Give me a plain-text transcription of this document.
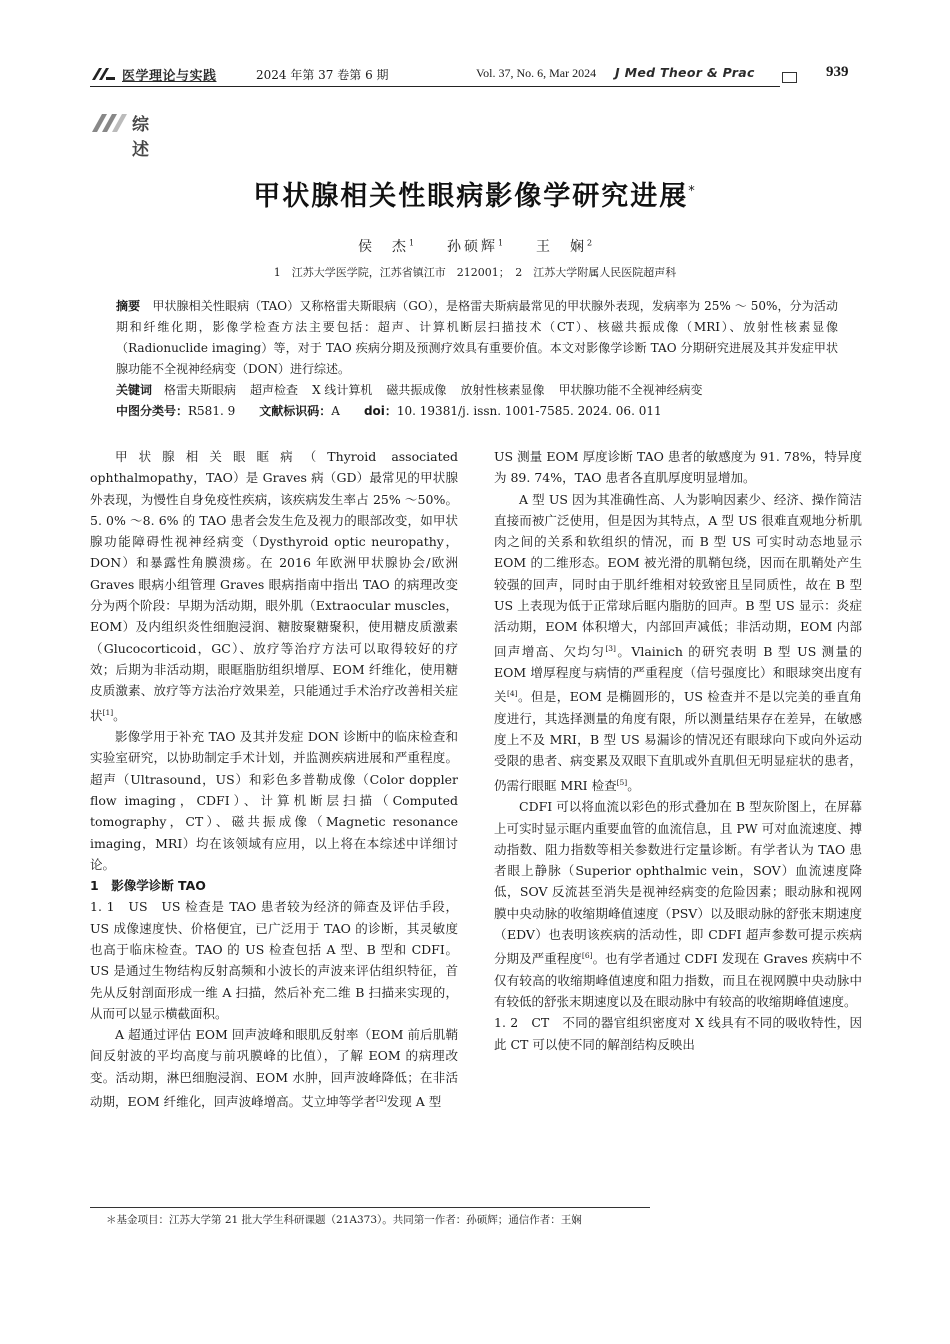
医学理论与实践	2024 年第 37 卷第 6 期	Vol. 37, No. 6, Mar 2024 J Med Theor & Prac	939
综述
甲状腺相关性眼病影像学研究进展*
侯　杰$^1$ 孙硕辉$^1$ 王　娴$^2$
1　江苏大学医学院，江苏省镇江市　212001；　2　江苏大学附属人民医院超声科

摘要　 甲状腺相关性眼病（TAO）又称格雷夫斯眼病（GO），是格雷夫斯病最常见的甲状腺外表现，发病率为 25% ～ 50%，分为活动期和纤维化期，影像学检查方法主要包括：超声、计算机断层扫描技术（CT）、核磁共振成像（MRI）、放射性核素显像（Radionuclide imaging）等，对于 TAO 疾病分期及预测疗效具有重要价值。本文对影像学诊断 TAO 分期研究进展及其并发症甲状腺功能不全视神经病变（DON）进行综述。

关键词　 格雷夫斯眼病 超声检查 X 线计算机 磁共振成像 放射性核素显像 甲状腺功能不全视神经病变

中图分类号：R581. 9　　 文献标识码：A　　 doi：10. 19381/j. issn. 1001-7585. 2024. 06. 011

甲状腺相关眼眶病（Thyroid associated ophthalmopathy，TAO）是 Graves 病（GD）最常见的甲状腺外表现，为慢性自身免疫性疾病，该疾病发生率占 25% ～50%。5. 0% ～8. 6% 的 TAO 患者会发生危及视力的眼部改变，如甲状腺功能障碍性视神经病变（Dysthyroid optic neuropathy，DON）和暴露性角膜溃疡。在 2016 年欧洲甲状腺协会/欧洲 Graves 眼病小组管理 Graves 眼病指南中指出 TAO 的病理改变分为两个阶段：早期为活动期，眼外肌（Extraocular muscles，EOM）及内组织炎性细胞浸润、糖胺聚糖聚积，使用糖皮质激素（Glucocorticoid，GC）、放疗等治疗方法可以取得较好的疗效；后期为非活动期，眼眶脂肪组织增厚、EOM 纤维化，使用糖皮质激素、放疗等方法治疗效果差，只能通过手术治疗改善相关症状[1]。

影像学用于补充 TAO 及其并发症 DON 诊断中的临床检查和实验室研究，以协助制定手术计划，并监测疾病进展和严重程度。超声（Ultrasound，US）和彩色多普勒成像（Color doppler flow imaging，CDFI）、计算机断层扫描（Computed tomography，CT）、磁共振成像（Magnetic resonance imaging，MRI）均在该领域有应用，以上将在本综述中详细讨论。

1　影像学诊断 TAO

1. 1　US　US 检查是 TAO 患者较为经济的筛查及评估手段，US 成像速度快、价格便宜，已广泛用于 TAO 的诊断，其灵敏度也高于临床检查。TAO 的 US 检查包括 A 型、B 型和 CDFI。US 是通过生物结构反射高频和小波长的声波来评估组织特征，首先从反射剖面形成一维 A 扫描，然后补充二维 B 扫描来实现的，从而可以显示横截面积。

A 超通过评估 EOM 回声波峰和眼肌反射率（EOM 前后肌鞘间反射波的平均高度与前巩膜峰的比值），了解 EOM 的病理改变。活动期，淋巴细胞浸润、EOM 水肿，回声波峰降低；在非活动期，EOM 纤维化，回声波峰增高。艾立坤等学者[2]发现 A 型

US 测量 EOM 厚度诊断 TAO 患者的敏感度为 91. 78%，特异度为 89. 74%，TAO 患者各直肌厚度明显增加。

A 型 US 因为其准确性高、人为影响因素少、经济、操作简洁直接而被广泛使用，但是因为其特点，A 型 US 很难直观地分析肌肉之间的关系和软组织的情况，而 B 型 US 可实时动态地显示 EOM 的二维形态。EOM 被光滑的肌鞘包绕，因而在肌鞘处产生较强的回声，同时由于肌纤维相对较致密且呈同质性，故在 B 型 US 上表现为低于正常球后眶内脂肪的回声。B 型 US 显示：炎症活动期，EOM 体积增大，内部回声减低；非活动期，EOM 内部回声增高、欠均匀[3]。Vlainich 的研究表明 B 型 US 测量的 EOM 增厚程度与病情的严重程度（信号强度比）和眼球突出度有关[4]。但是，EOM 是椭圆形的，US 检查并不是以完美的垂直角度进行，其选择测量的角度有限，所以测量结果存在差异，在敏感度上不及 MRI，B 型 US 易漏诊的情况还有眼球向下或向外运动受限的患者、病变累及双眼下直肌或外直肌但无明显症状的患者，仍需行眼眶 MRI 检查[5]。

CDFI 可以将血流以彩色的形式叠加在 B 型灰阶图上，在屏幕上可实时显示眶内重要血管的血流信息，且 PW 可对血流速度、搏动指数、阻力指数等相关参数进行定量诊断。有学者认为 TAO 患者眼上静脉（Superior ophthalmic vein，SOV）血流速度降低，SOV 反流甚至消失是视神经病变的危险因素；眼动脉和视网膜中央动脉的收缩期峰值速度（PSV）以及眼动脉的舒张末期速度（EDV）也表明该疾病的活动性，即 CDFI 超声参数可提示疾病分期及严重程度[6]。也有学者通过 CDFI 发现在 Graves 疾病中不仅有较高的收缩期峰值速度和阻力指数，而且在视网膜中央动脉中有较低的舒张末期速度以及在眼动脉中有较高的收缩期峰值速度。

1. 2　CT　不同的器官组织密度对 X 线具有不同的吸收特性，因此 CT 可以使不同的解剖结构反映出

＊基金项目：江苏大学第 21 批大学生科研课题（21A373）。共同第一作者：孙硕辉；通信作者：王娴
